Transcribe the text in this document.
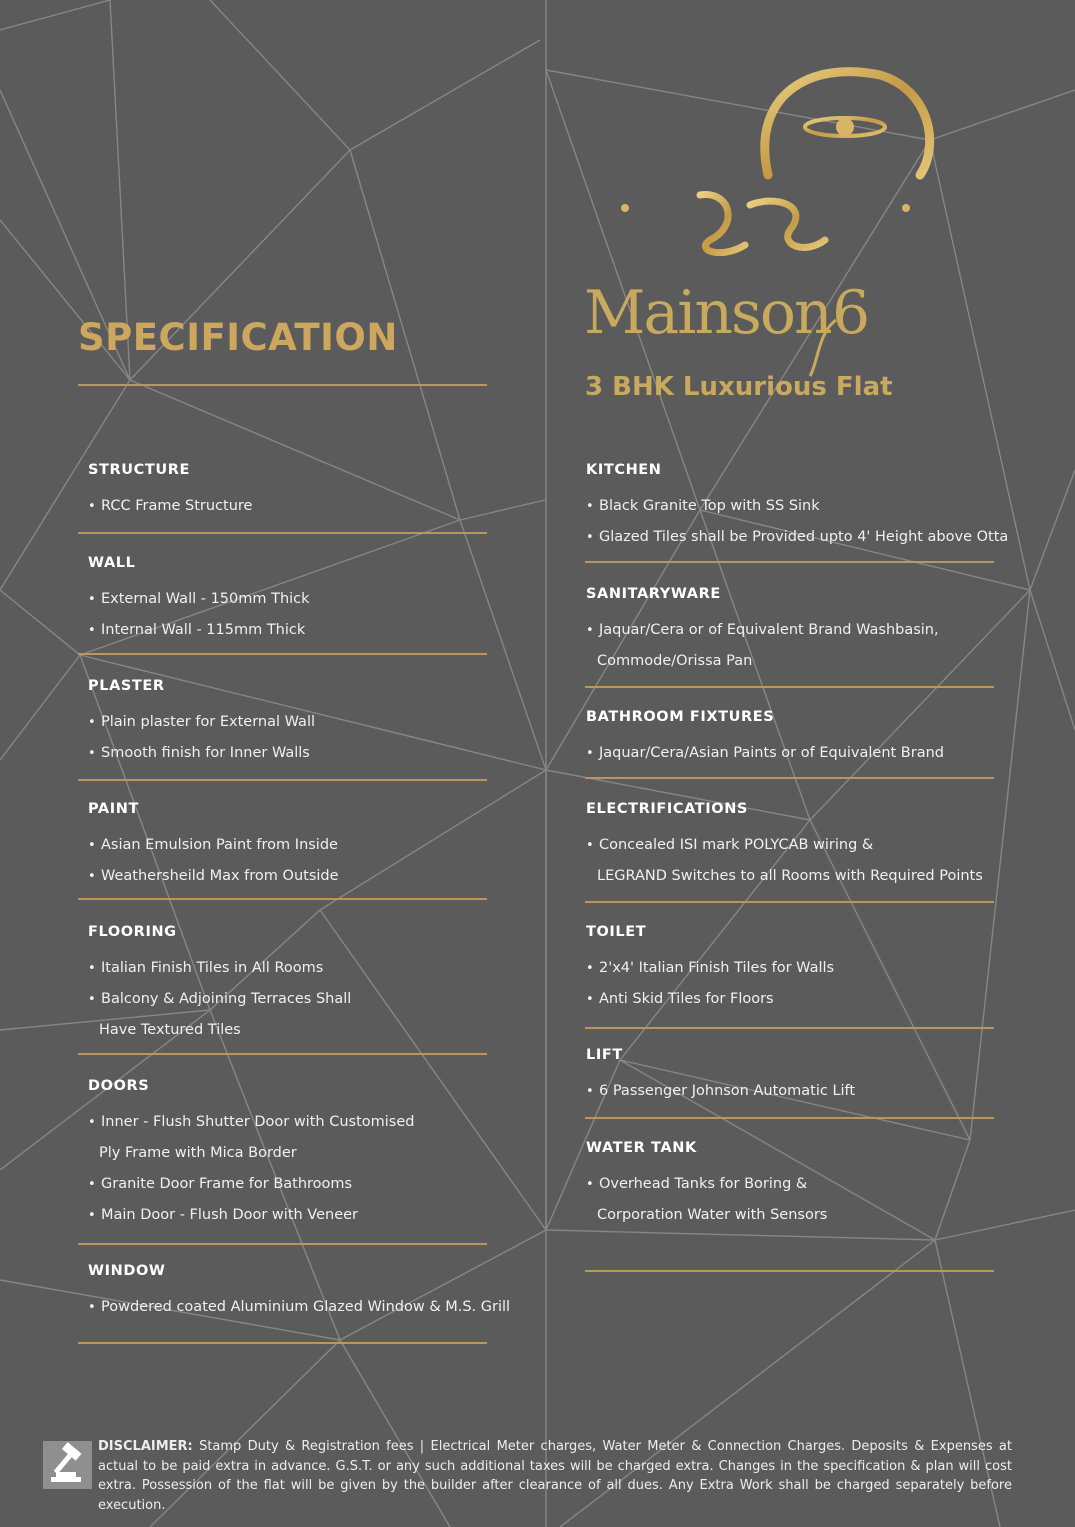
Mainson 6
3 BHK Luxurious Flat
SPECIFICATION
STRUCTURE
• RCC Frame Structure
WALL
• External Wall - 150mm Thick
• Internal Wall - 115mm Thick
PLASTER
• Plain plaster for External Wall
• Smooth finish for Inner Walls
PAINT
• Asian Emulsion Paint from Inside
• Weathersheild Max from Outside
FLOORING
• Italian Finish Tiles in All Rooms
• Balcony & Adjoining Terraces Shall
Have Textured Tiles
DOORS
• Inner - Flush Shutter Door with Customised
Ply Frame with Mica Border
• Granite Door Frame for Bathrooms
• Main Door - Flush Door with Veneer
WINDOW
• Powdered coated Aluminium Glazed Window & M.S. Grill
KITCHEN
• Black Granite Top with SS Sink
• Glazed Tiles shall be Provided upto 4' Height above Otta
SANITARYWARE
• Jaquar/Cera or of Equivalent Brand Washbasin,
Commode/Orissa Pan
BATHROOM FIXTURES
• Jaquar/Cera/Asian Paints or of Equivalent Brand
ELECTRIFICATIONS
• Concealed ISI mark POLYCAB wiring &
LEGRAND Switches to all Rooms with Required Points
TOILET
• 2'x4' Italian Finish Tiles for Walls
• Anti Skid Tiles for Floors
LIFT
• 6 Passenger Johnson Automatic Lift
WATER TANK
• Overhead Tanks for Boring &
Corporation Water with Sensors
DISCLAIMER: Stamp Duty & Registration fees | Electrical Meter charges, Water Meter & Connection Charges. Deposits & Expenses at actual to be paid extra in advance. G.S.T. or any such additional taxes will be charged extra. Changes in the specification & plan will cost extra. Possession of the flat will be given by the builder after clearance of all dues. Any Extra Work shall be charged separately before execution.
